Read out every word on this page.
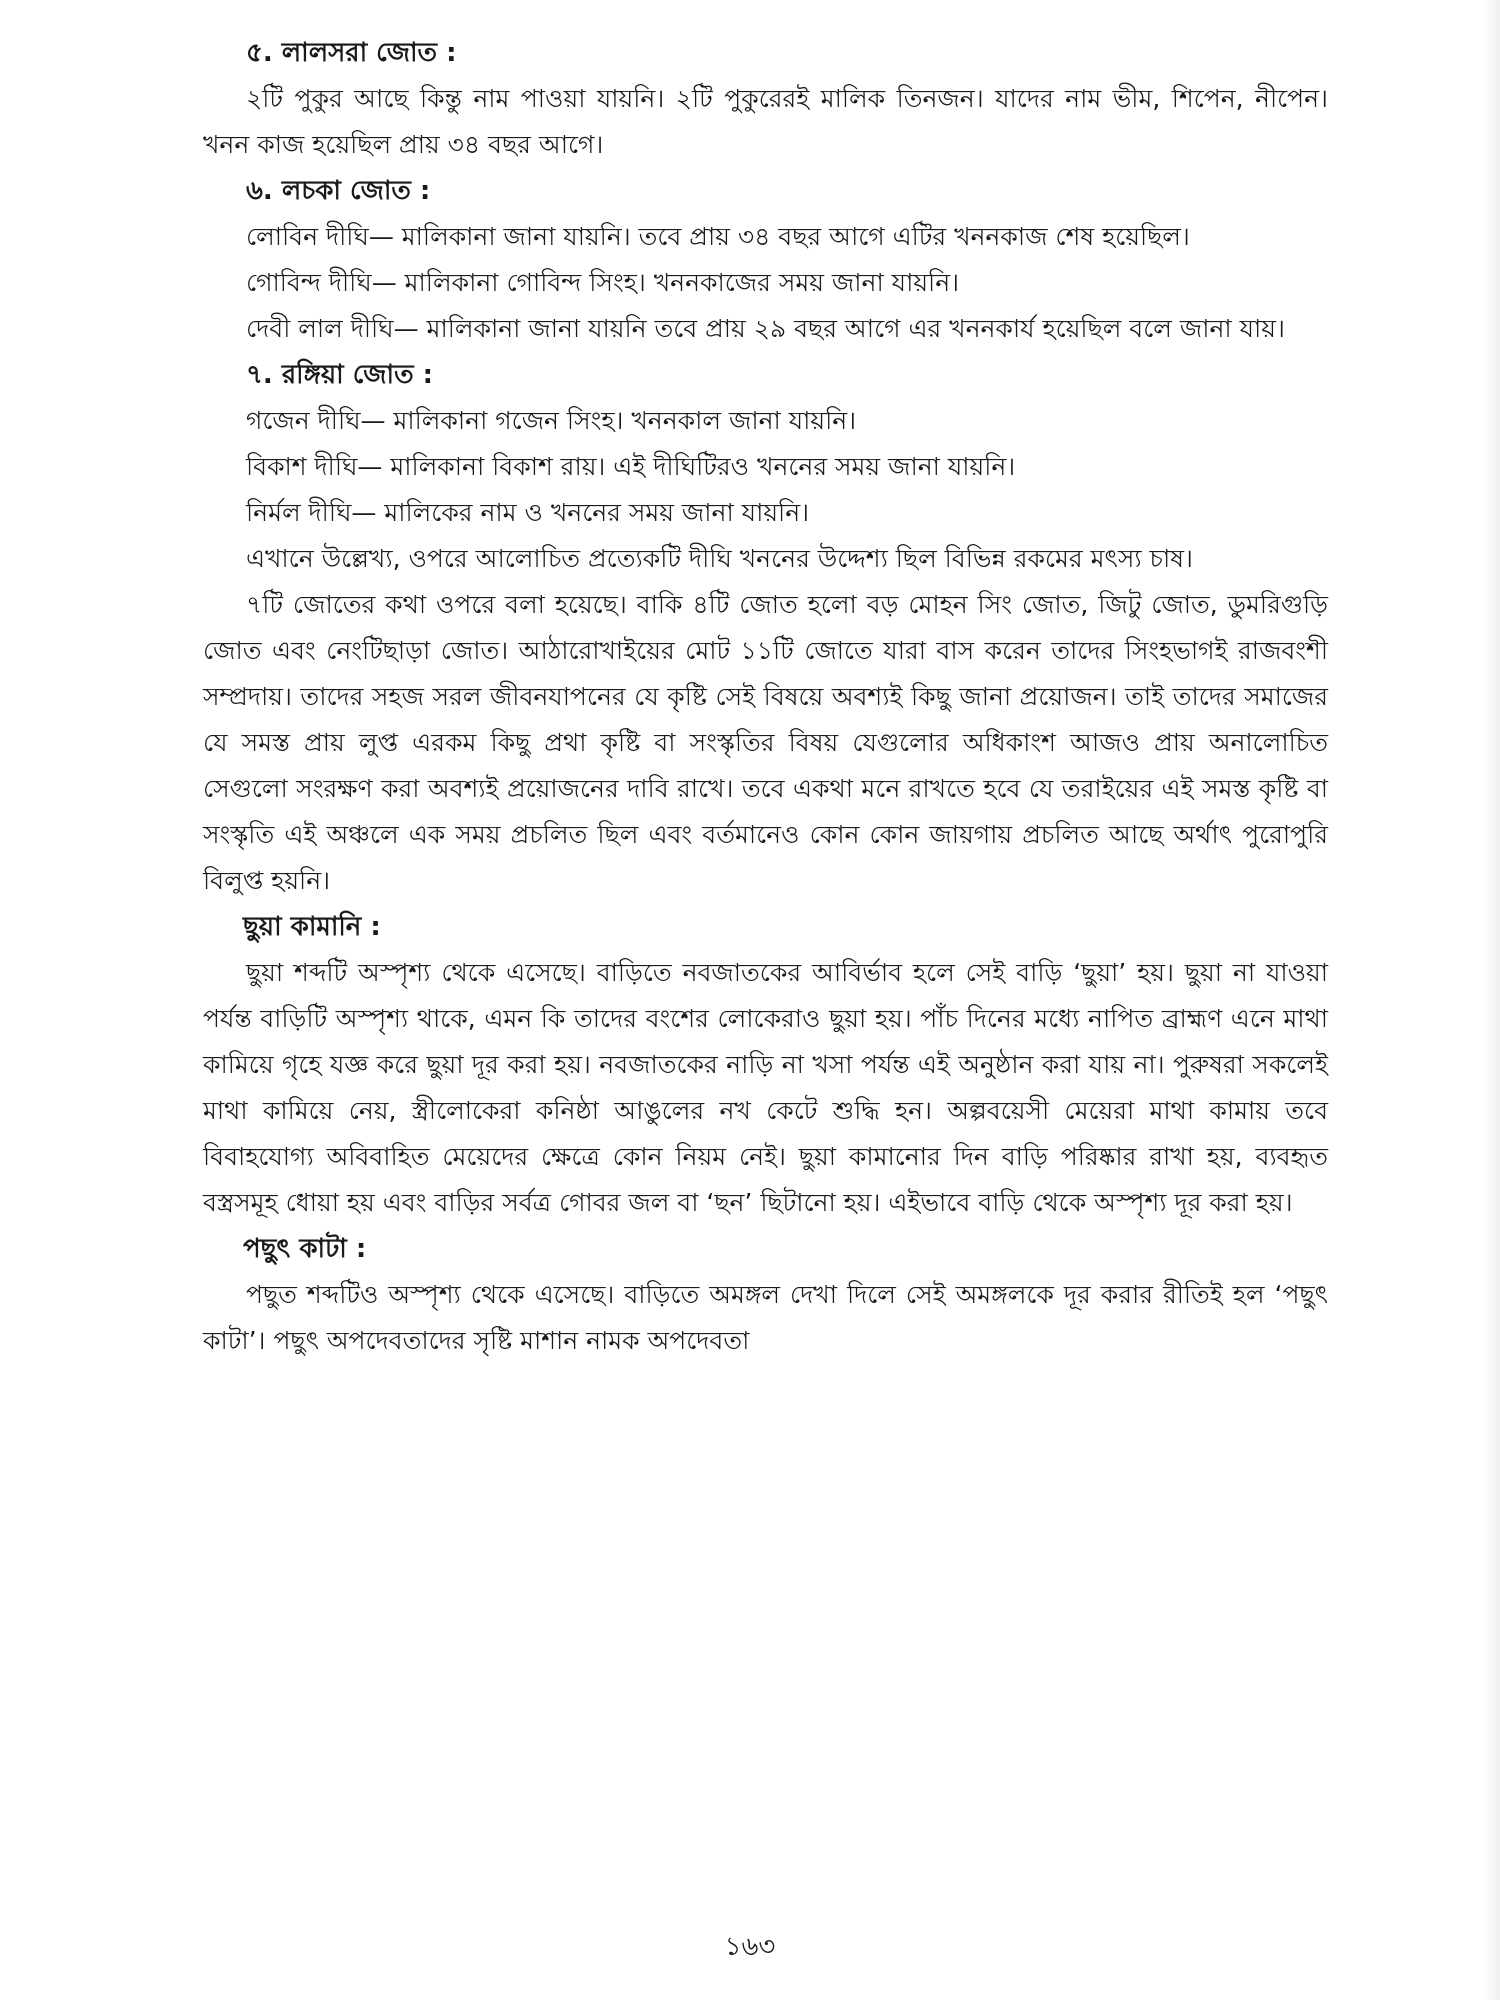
৫. লালসরা জোত :

২টি পুকুর আছে কিন্তু নাম পাওয়া যায়নি। ২টি পুকুরেরই মালিক তিনজন। যাদের নাম ভীম, শিপেন, নীপেন। খনন কাজ হয়েছিল প্রায় ৩৪ বছর আগে।

৬. লচকা জোত :

লোবিন দীঘি— মালিকানা জানা যায়নি। তবে প্রায় ৩৪ বছর আগে এটির খননকাজ শেষ হয়েছিল।

গোবিন্দ দীঘি— মালিকানা গোবিন্দ সিংহ। খননকাজের সময় জানা যায়নি।

দেবী লাল দীঘি— মালিকানা জানা যায়নি তবে প্রায় ২৯ বছর আগে এর খননকার্য হয়েছিল বলে জানা যায়।

৭. রঙ্গিয়া জোত :

গজেন দীঘি— মালিকানা গজেন সিংহ। খননকাল জানা যায়নি।

বিকাশ দীঘি— মালিকানা বিকাশ রায়। এই দীঘিটিরও খননের সময় জানা যায়নি।

নির্মল দীঘি— মালিকের নাম ও খননের সময় জানা যায়নি।

এখানে উল্লেখ্য, ওপরে আলোচিত প্রত্যেকটি দীঘি খননের উদ্দেশ্য ছিল বিভিন্ন রকমের মৎস্য চাষ।

৭টি জোতের কথা ওপরে বলা হয়েছে। বাকি ৪টি জোত হলো বড় মোহন সিং জোত, জিটু জোত, ডুমরিগুড়ি জোত এবং নেংটিছাড়া জোত। আঠারোখাইয়ের মোট ১১টি জোতে যারা বাস করেন তাদের সিংহভাগই রাজবংশী সম্প্রদায়। তাদের সহজ সরল জীবনযাপনের যে কৃষ্টি সেই বিষয়ে অবশ্যই কিছু জানা প্রয়োজন। তাই তাদের সমাজের যে সমস্ত প্রায় লুপ্ত এরকম কিছু প্রথা কৃষ্টি বা সংস্কৃতির বিষয় যেগুলোর অধিকাংশ আজও প্রায় অনালোচিত সেগুলো সংরক্ষণ করা অবশ্যই প্রয়োজনের দাবি রাখে। তবে একথা মনে রাখতে হবে যে তরাইয়ের এই সমস্ত কৃষ্টি বা সংস্কৃতি এই অঞ্চলে এক সময় প্রচলিত ছিল এবং বর্তমানেও কোন কোন জায়গায় প্রচলিত আছে অর্থাৎ পুরোপুরি বিলুপ্ত হয়নি।

ছুয়া কামানি :

ছুয়া শব্দটি অস্পৃশ্য থেকে এসেছে। বাড়িতে নবজাতকের আবির্ভাব হলে সেই বাড়ি ‘ছুয়া’ হয়। ছুয়া না যাওয়া পর্যন্ত বাড়িটি অস্পৃশ্য থাকে, এমন কি তাদের বংশের লোকেরাও ছুয়া হয়। পাঁচ দিনের মধ্যে নাপিত ব্রাহ্মণ এনে মাথা কামিয়ে গৃহে যজ্ঞ করে ছুয়া দূর করা হয়। নবজাতকের নাড়ি না খসা পর্যন্ত এই অনুষ্ঠান করা যায় না। পুরুষরা সকলেই মাথা কামিয়ে নেয়, স্ত্রীলোকেরা কনিষ্ঠা আঙুলের নখ কেটে শুদ্ধি হন। অল্পবয়েসী মেয়েরা মাথা কামায় তবে বিবাহযোগ্য অবিবাহিত মেয়েদের ক্ষেত্রে কোন নিয়ম নেই। ছুয়া কামানোর দিন বাড়ি পরিষ্কার রাখা হয়, ব্যবহৃত বস্ত্রসমূহ ধোয়া হয় এবং বাড়ির সর্বত্র গোবর জল বা ‘ছন’ ছিটানো হয়। এইভাবে বাড়ি থেকে অস্পৃশ্য দূর করা হয়।

পছুৎ কাটা :

পছুত শব্দটিও অস্পৃশ্য থেকে এসেছে। বাড়িতে অমঙ্গল দেখা দিলে সেই অমঙ্গলকে দূর করার রীতিই হল ‘পছুৎ কাটা’। পছুৎ অপদেবতাদের সৃষ্টি মাশান নামক অপদেবতা

১৬৩
